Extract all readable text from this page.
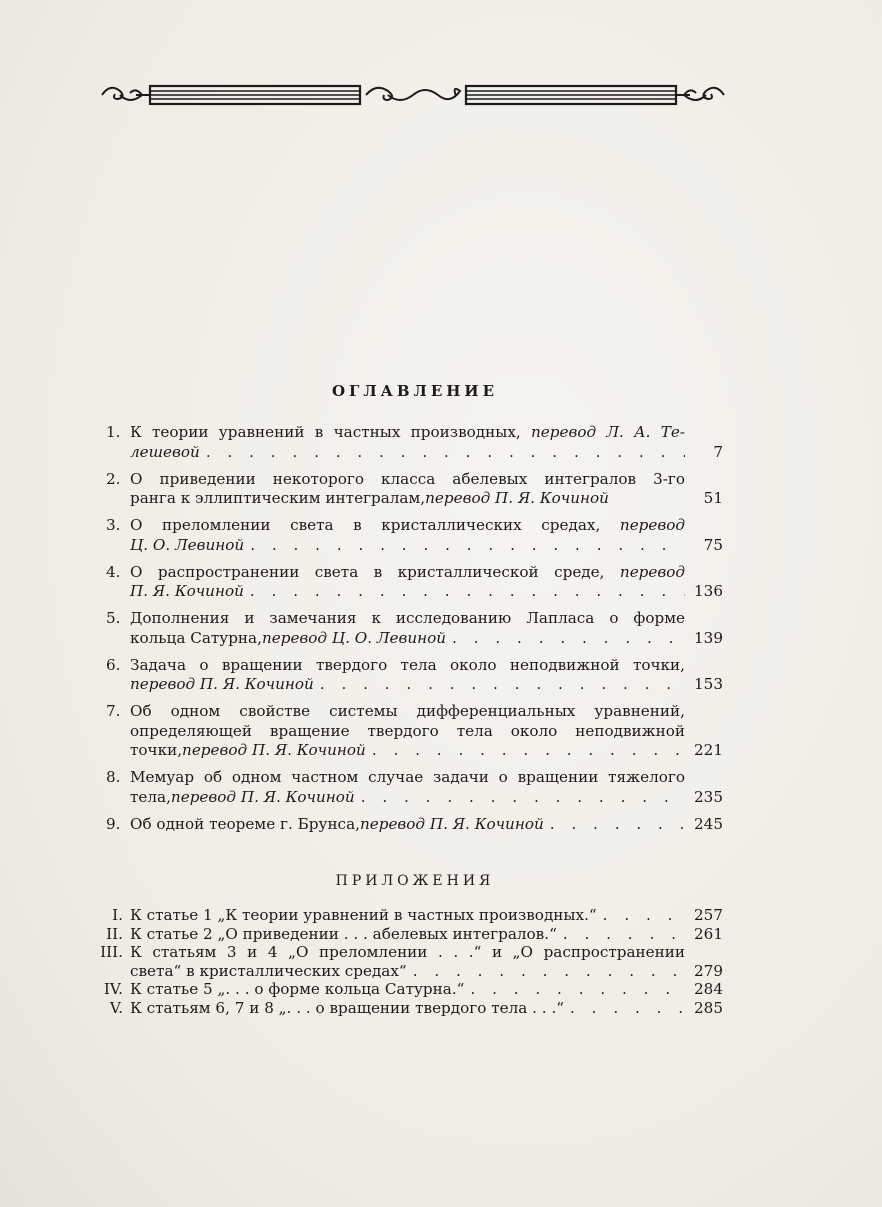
ОГЛАВЛЕНИЕ
1. К теории уравнений в частных производных, перевод Л. А. Те-
лешевой . . .	7
2. О приведении некоторого класса абелевых интегралов 3-го
ранга к эллиптическим интегралам, перевод П. Я. Кочиной	51
3. О преломлении света в кристаллических средах, перевод
Ц. О. Левиной . . .	75
4. О распространении света в кристаллической среде, перевод
П. Я. Кочиной . . .	136
5. Дополнения и замечания к исследованию Лапласа о форме
кольца Сатурна, перевод Ц. О. Левиной . . .	139
6. Задача о вращении твердого тела около неподвижной точки,
перевод П. Я. Кочиной . . .	153
7. Об одном свойстве системы дифференциальных уравнений,
определяющей вращение твердого тела около неподвижной
точки, перевод П. Я. Кочиной . . .	221
8. Мемуар об одном частном случае задачи о вращении тяжелого
тела, перевод П. Я. Кочиной . . .	235
9. Об одной теореме г. Брунса, перевод П. Я. Кочиной . . .	245
ПРИЛОЖЕНИЯ
I. К статье 1 „К теории уравнений в частных производных.“ . . .	257
II. К статье 2 „О приведении . . . абелевых интегралов.“ . . .	261
III. К статьям 3 и 4 „О преломлении . . .“ и „О распространении
света“ в кристаллических средах“ . . .	279
IV. К статье 5 „. . . о форме кольца Сатурна.“ . . .	284
V. К статьям 6, 7 и 8 „. . . о вращении твердого тела . . .“ . . .	285
